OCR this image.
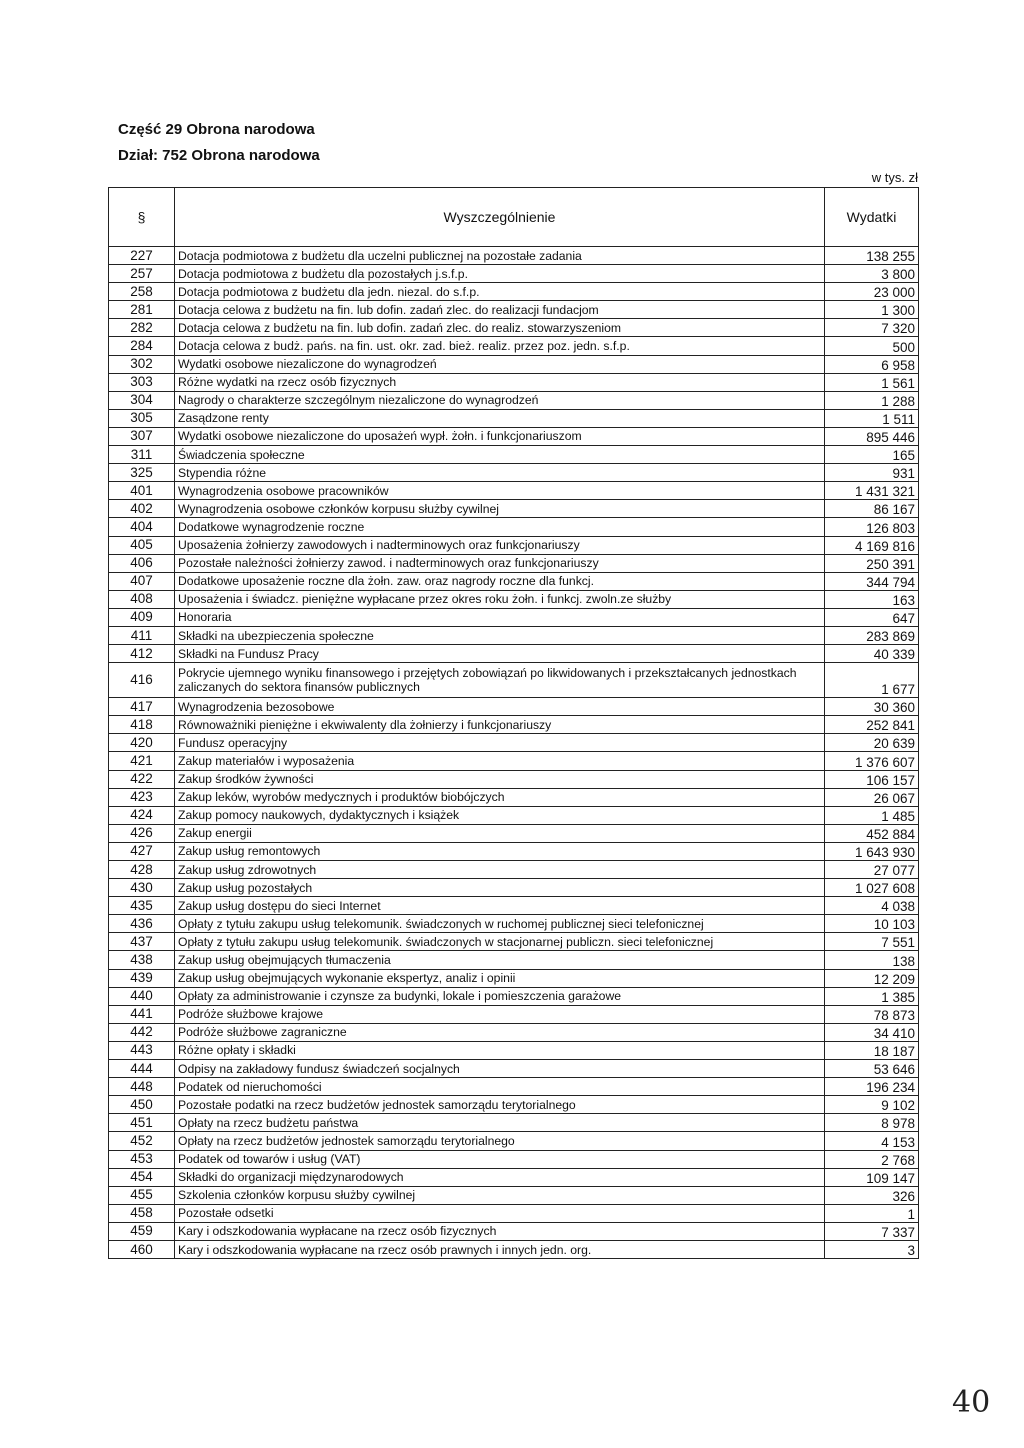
Część 29 Obrona narodowa
Dział: 752 Obrona narodowa
w tys. zł
§	Wyszczególnienie	Wydatki
227	Dotacja podmiotowa z budżetu dla uczelni publicznej na pozostałe zadania	138 255
257	Dotacja podmiotowa z budżetu dla pozostałych j.s.f.p.	3 800
258	Dotacja podmiotowa z budżetu dla jedn. niezal. do s.f.p.	23 000
281	Dotacja celowa z budżetu na fin. lub dofin. zadań zlec. do realizacji fundacjom	1 300
282	Dotacja celowa z budżetu na fin. lub dofin. zadań zlec. do realiz. stowarzyszeniom	7 320
284	Dotacja celowa z budż. pańs. na fin. ust. okr. zad. bież. realiz. przez poz. jedn. s.f.p.	500
302	Wydatki osobowe niezaliczone do wynagrodzeń	6 958
303	Różne wydatki na rzecz osób fizycznych	1 561
304	Nagrody o charakterze szczególnym niezaliczone do wynagrodzeń	1 288
305	Zasądzone renty	1 511
307	Wydatki osobowe niezaliczone do uposażeń wypł. żołn. i funkcjonariuszom	895 446
311	Świadczenia społeczne	165
325	Stypendia różne	931
401	Wynagrodzenia osobowe pracowników	1 431 321
402	Wynagrodzenia osobowe członków korpusu służby cywilnej	86 167
404	Dodatkowe wynagrodzenie roczne	126 803
405	Uposażenia żołnierzy zawodowych i nadterminowych oraz funkcjonariuszy	4 169 816
406	Pozostałe należności żołnierzy zawod. i nadterminowych oraz funkcjonariuszy	250 391
407	Dodatkowe uposażenie roczne dla żołn. zaw. oraz nagrody roczne dla funkcj.	344 794
408	Uposażenia i świadcz. pieniężne wypłacane przez okres roku żołn. i funkcj. zwoln.ze służby	163
409	Honoraria	647
411	Składki na ubezpieczenia społeczne	283 869
412	Składki na Fundusz Pracy	40 339
416	Pokrycie ujemnego wyniku finansowego i przejętych zobowiązań po likwidowanych i przekształcanych jednostkach zaliczanych do sektora finansów publicznych	1 677
417	Wynagrodzenia bezosobowe	30 360
418	Równoważniki pieniężne i ekwiwalenty dla żołnierzy i funkcjonariuszy	252 841
420	Fundusz operacyjny	20 639
421	Zakup materiałów i wyposażenia	1 376 607
422	Zakup środków żywności	106 157
423	Zakup leków, wyrobów medycznych i produktów biobójczych	26 067
424	Zakup pomocy naukowych, dydaktycznych i książek	1 485
426	Zakup energii	452 884
427	Zakup usług remontowych	1 643 930
428	Zakup usług zdrowotnych	27 077
430	Zakup usług pozostałych	1 027 608
435	Zakup usług dostępu do sieci Internet	4 038
436	Opłaty z tytułu zakupu usług telekomunik. świadczonych w ruchomej publicznej sieci telefonicznej	10 103
437	Opłaty z tytułu zakupu usług telekomunik. świadczonych w stacjonarnej publiczn. sieci telefonicznej	7 551
438	Zakup usług obejmujących tłumaczenia	138
439	Zakup usług obejmujących wykonanie ekspertyz, analiz i opinii	12 209
440	Opłaty za administrowanie i czynsze za budynki, lokale i pomieszczenia garażowe	1 385
441	Podróże służbowe krajowe	78 873
442	Podróże służbowe zagraniczne	34 410
443	Różne opłaty i składki	18 187
444	Odpisy na zakładowy fundusz świadczeń socjalnych	53 646
448	Podatek od nieruchomości	196 234
450	Pozostałe podatki na rzecz budżetów jednostek samorządu terytorialnego	9 102
451	Opłaty na rzecz budżetu państwa	8 978
452	Opłaty na rzecz budżetów jednostek samorządu terytorialnego	4 153
453	Podatek od towarów i usług (VAT)	2 768
454	Składki do organizacji międzynarodowych	109 147
455	Szkolenia członków korpusu służby cywilnej	326
458	Pozostałe odsetki	1
459	Kary i odszkodowania wypłacane na rzecz osób fizycznych	7 337
460	Kary i odszkodowania wypłacane na rzecz osób prawnych i innych jedn. org.	3
40
